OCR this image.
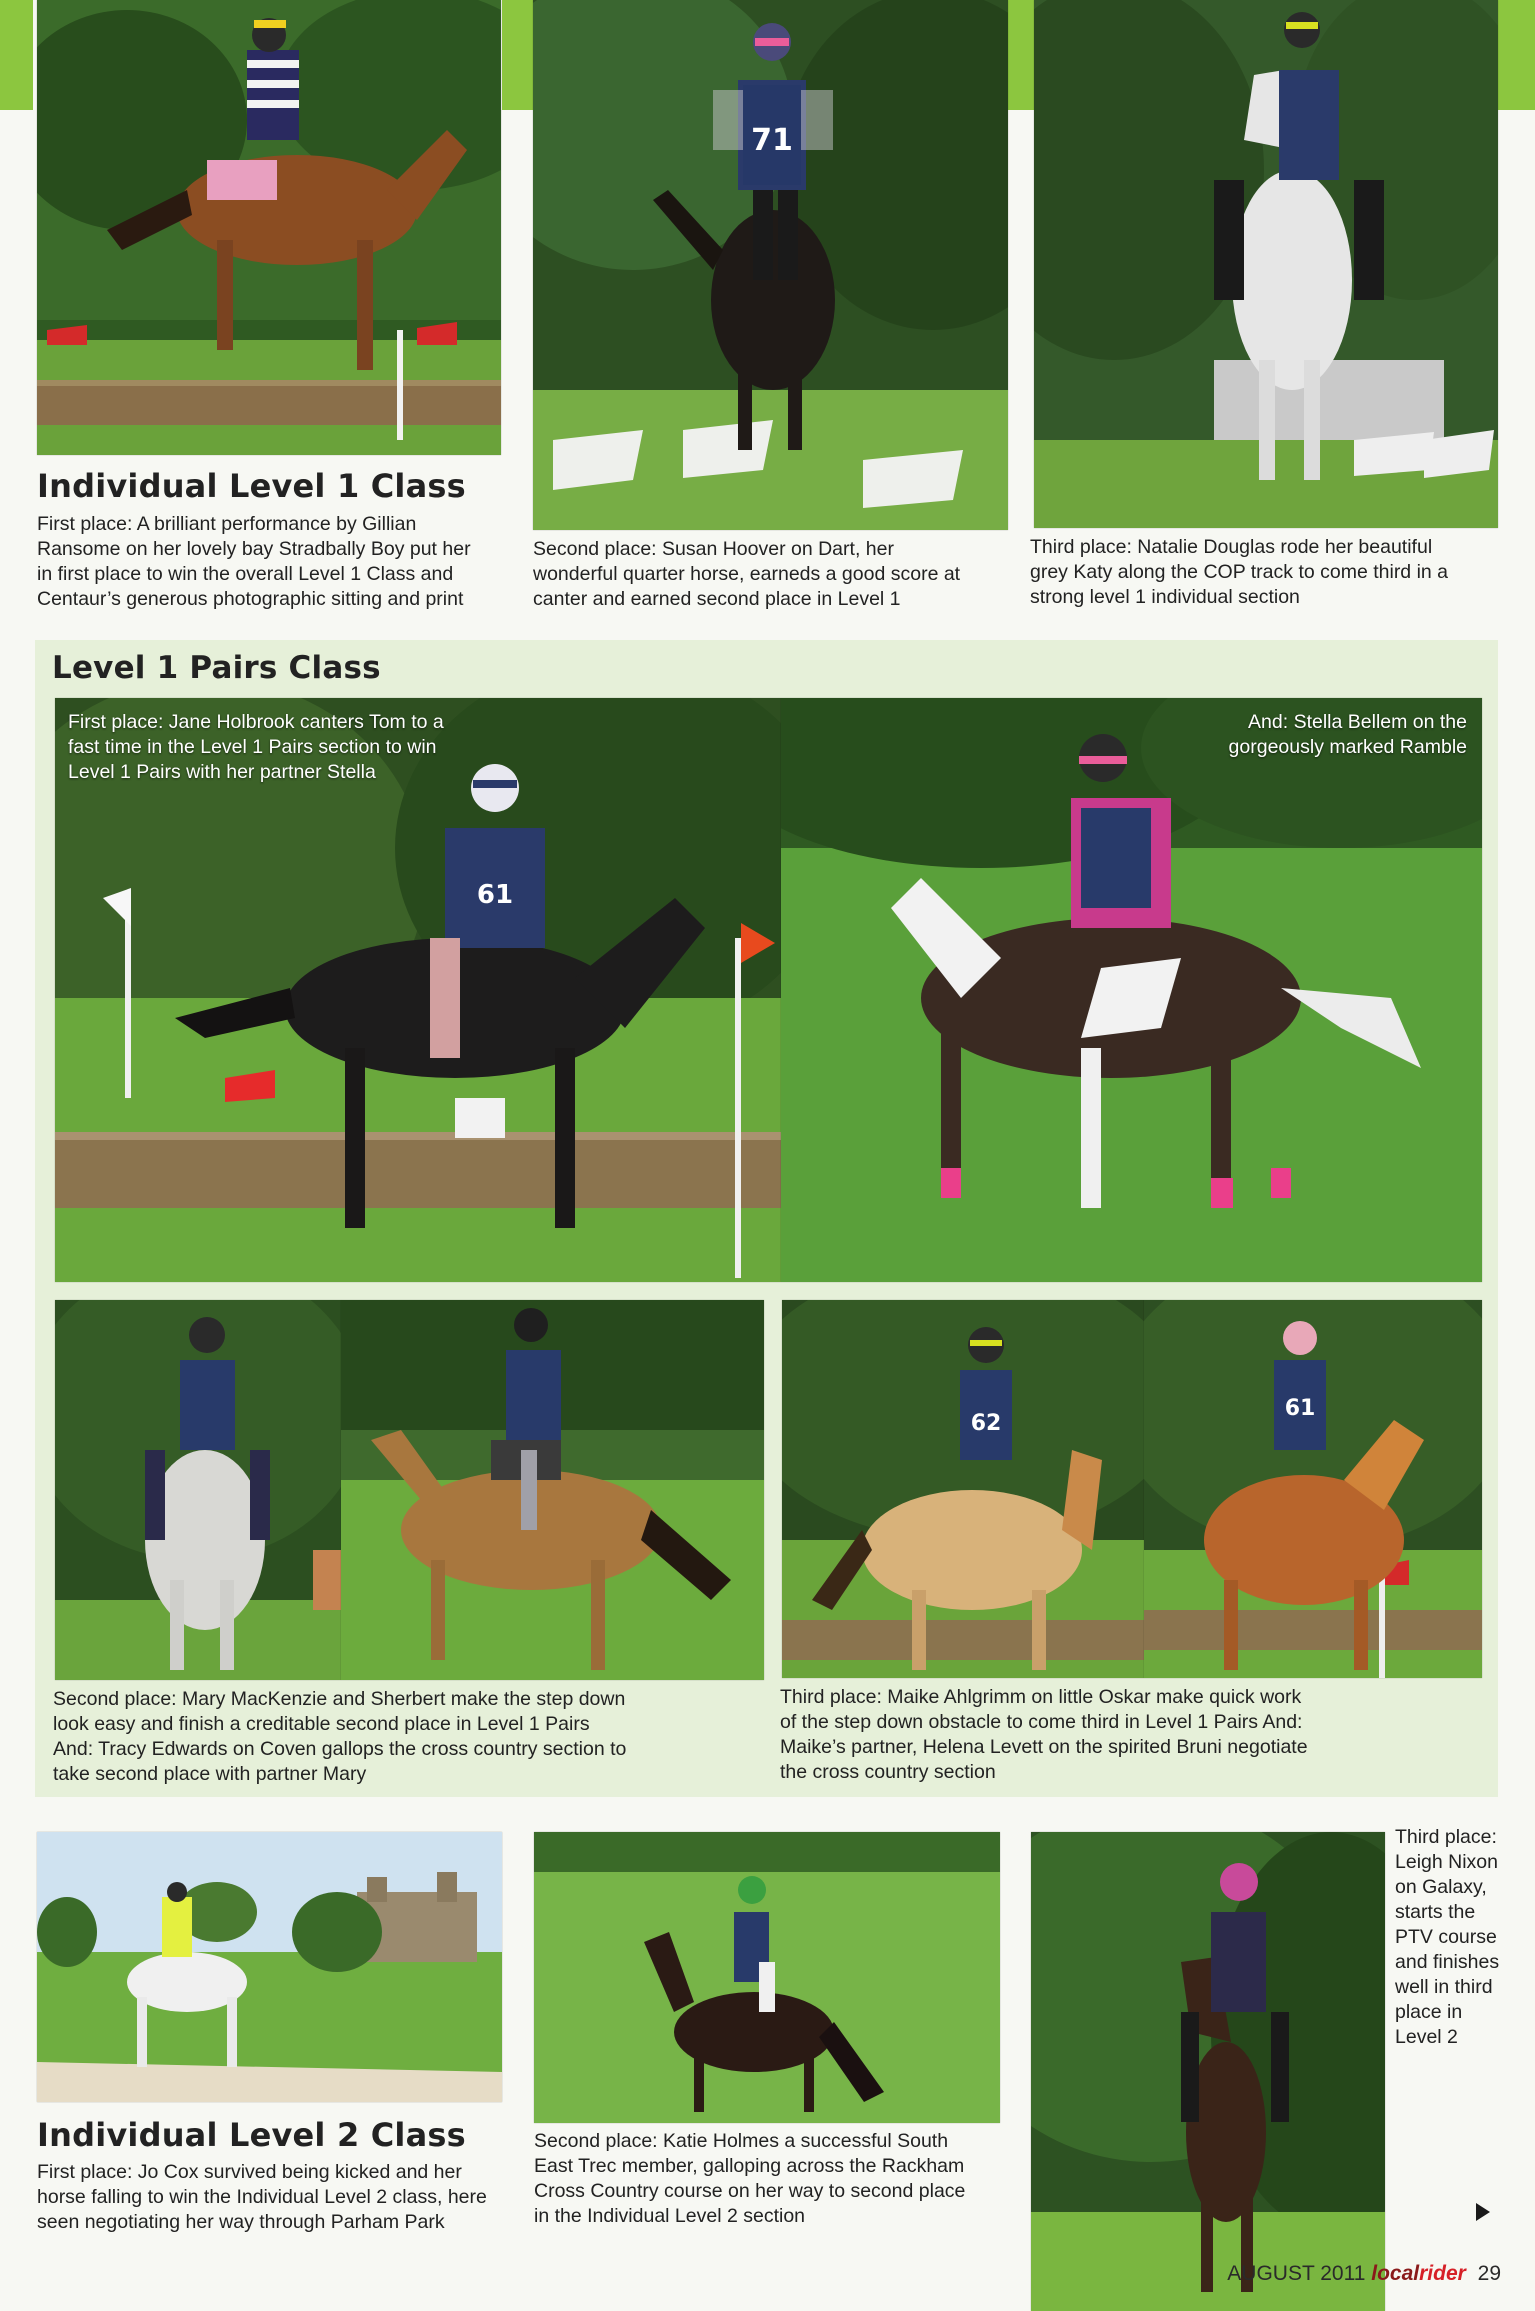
71
Individual Level 1 Class
First place: A brilliant performance by Gillian Ransome on her lovely bay Stradbally Boy put her in first place to win the overall Level 1 Class and Centaur’s generous photographic sitting and print
Second place: Susan Hoover on Dart, her wonderful quarter horse, earneds a good score at canter and earned second place in Level 1
Third place: Natalie Douglas rode her beautiful grey Katy along the COP track to come third in a strong level 1 individual section
Level 1 Pairs Class
61
First place: Jane Holbrook canters Tom to a fast time in the Level 1 Pairs section to win Level 1 Pairs with her partner Stella
And: Stella Bellem on the gorgeously marked Ramble
62
61
Second place: Mary MacKenzie and Sherbert make the step down look easy and finish a creditable second place in Level 1 Pairs And: Tracy Edwards on Coven gallops the cross country section to take second place with partner Mary
Third place: Maike Ahlgrimm on little Oskar make quick work of the step down obstacle to come third in Level 1 Pairs And: Maike’s partner, Helena Levett on the spirited Bruni negotiate the cross country section
Individual Level 2 Class
First place: Jo Cox survived being kicked and her horse falling to win the Individual Level 2 class, here seen negotiating her way through Parham Park
Second place: Katie Holmes a successful South East Trec member, galloping across the Rackham Cross Country course on her way to second place in the Individual Level 2 section
Third place: Leigh Nixon on Galaxy, starts the PTV course and finishes well in third place in Level 2
AUGUST 2011 localrider 29
